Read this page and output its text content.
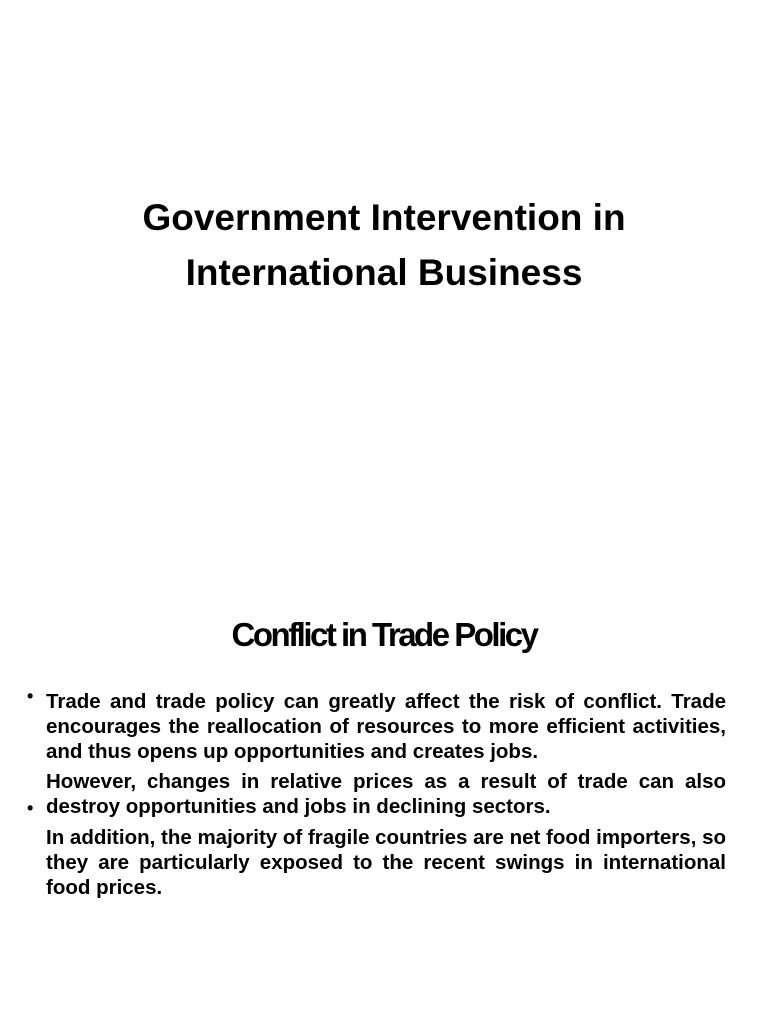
Government Intervention in
International Business
Conflict in Trade Policy
•
•

Trade and trade policy can greatly affect the risk of conflict. Trade encourages the reallocation of resources to more efficient activities, and thus opens up opportunities and creates jobs.

However, changes in relative prices as a result of trade can also destroy opportunities and jobs in declining sectors.

In addition, the majority of fragile countries are net food importers, so they are particularly exposed to the recent swings in international food prices.
